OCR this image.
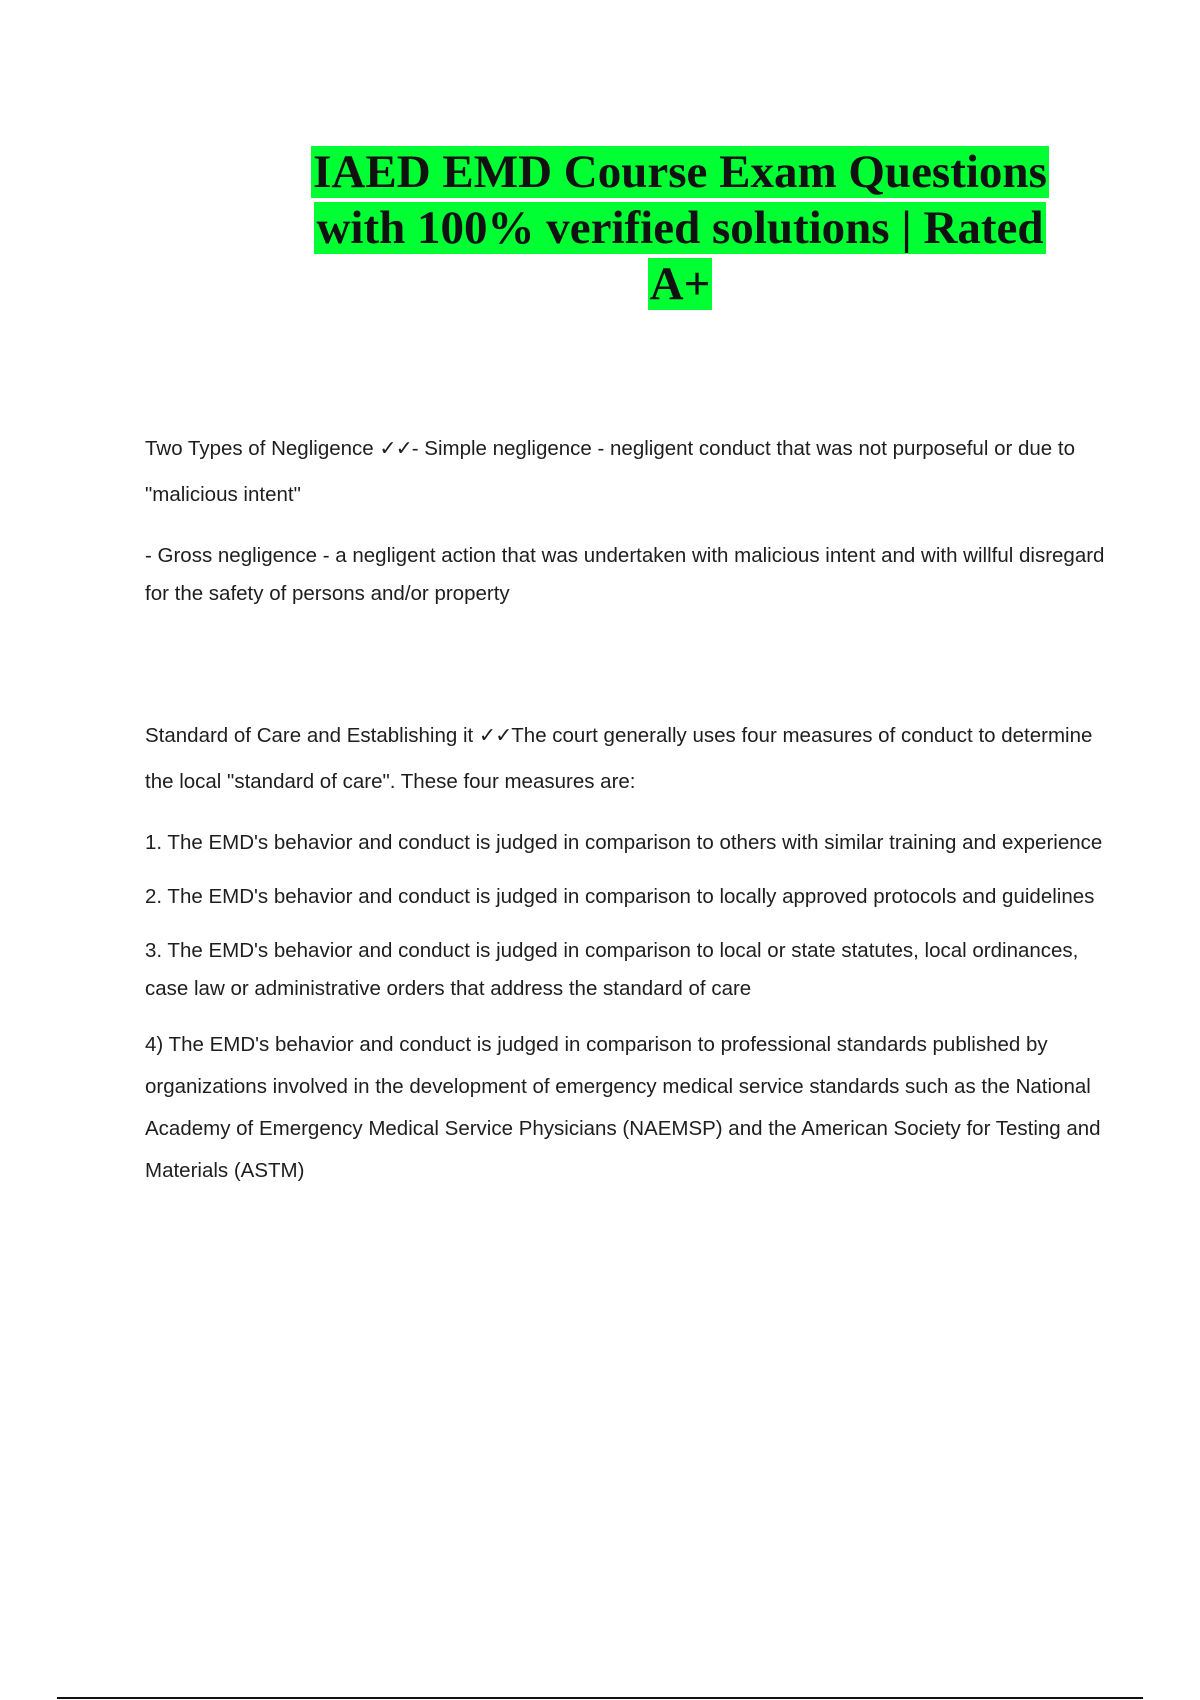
IAED EMD Course Exam Questions
with 100% verified solutions | Rated
A+

Two Types of Negligence ✓✓- Simple negligence - negligent conduct that was not purposeful or due to "malicious intent"

- Gross negligence - a negligent action that was undertaken with malicious intent and with willful disregard for the safety of persons and/or property

Standard of Care and Establishing it ✓✓The court generally uses four measures of conduct to determine the local "standard of care". These four measures are:

1. The EMD's behavior and conduct is judged in comparison to others with similar training and experience

2. The EMD's behavior and conduct is judged in comparison to locally approved protocols and guidelines

3. The EMD's behavior and conduct is judged in comparison to local or state statutes, local ordinances, case law or administrative orders that address the standard of care

4) The EMD's behavior and conduct is judged in comparison to professional standards published by organizations involved in the development of emergency medical service standards such as the National Academy of Emergency Medical Service Physicians (NAEMSP) and the American Society for Testing and Materials (ASTM)
